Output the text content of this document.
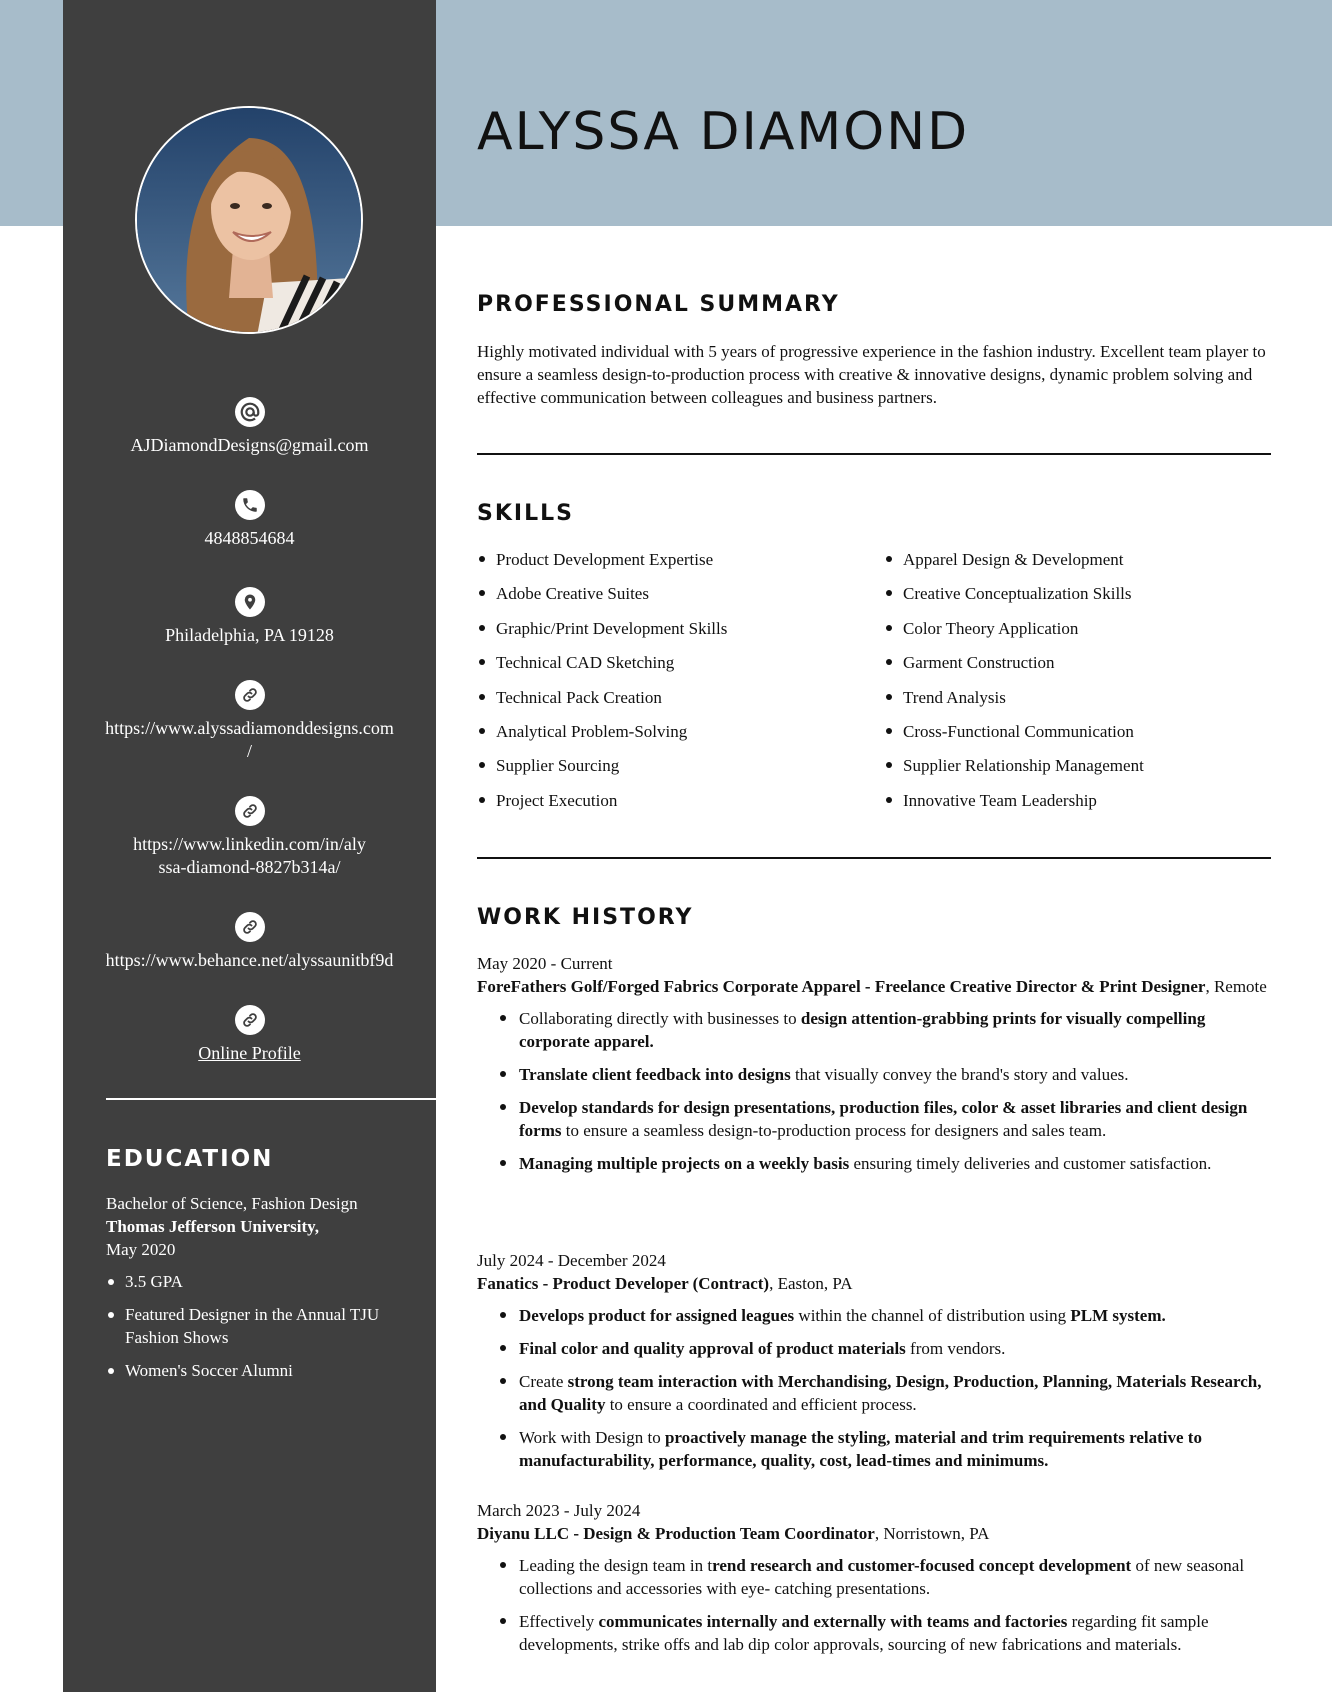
ALYSSA DIAMOND
AJDiamondDesigns@gmail.com
4848854684
Philadelphia, PA 19128
https://www.alyssadiamonddesigns.com/
https://www.linkedin.com/in/alyssa-diamond-8827b314a/
https://www.behance.net/alyssaunitbf9d
Online Profile
EDUCATION
Bachelor of Science, Fashion Design
Thomas Jefferson University,
May 2020
3.5 GPA
Featured Designer in the Annual TJU Fashion Shows
Women's Soccer Alumni
PROFESSIONAL SUMMARY

Highly motivated individual with 5 years of progressive experience in the fashion industry. Excellent team player to ensure a seamless design-to-production process with creative & innovative designs, dynamic problem solving and effective communication between colleagues and business partners.

SKILLS
Product Development Expertise
Adobe Creative Suites
Graphic/Print Development Skills
Technical CAD Sketching
Technical Pack Creation
Analytical Problem-Solving
Supplier Sourcing
Project Execution
Apparel Design & Development
Creative Conceptualization Skills
Color Theory Application
Garment Construction
Trend Analysis
Cross-Functional Communication
Supplier Relationship Management
Innovative Team Leadership
WORK HISTORY
May 2020 - Current
ForeFathers Golf/Forged Fabrics Corporate Apparel - Freelance Creative Director & Print Designer, Remote
Collaborating directly with businesses to design attention-grabbing prints for visually compelling corporate apparel.
Translate client feedback into designs that visually convey the brand's story and values.
Develop standards for design presentations, production files, color & asset libraries and client design forms to ensure a seamless design-to-production process for designers and sales team.
Managing multiple projects on a weekly basis ensuring timely deliveries and customer satisfaction.
July 2024 - December 2024
Fanatics - Product Developer (Contract), Easton, PA
Develops product for assigned leagues within the channel of distribution using PLM system.
Final color and quality approval of product materials from vendors.
Create strong team interaction with Merchandising, Design, Production, Planning, Materials Research, and Quality to ensure a coordinated and efficient process.
Work with Design to proactively manage the styling, material and trim requirements relative to manufacturability, performance, quality, cost, lead-times and minimums.
March 2023 - July 2024
Diyanu LLC - Design & Production Team Coordinator, Norristown, PA
Leading the design team in trend research and customer-focused concept development of new seasonal collections and accessories with eye- catching presentations.
Effectively communicates internally and externally with teams and factories regarding fit sample developments, strike offs and lab dip color approvals, sourcing of new fabrications and materials.
